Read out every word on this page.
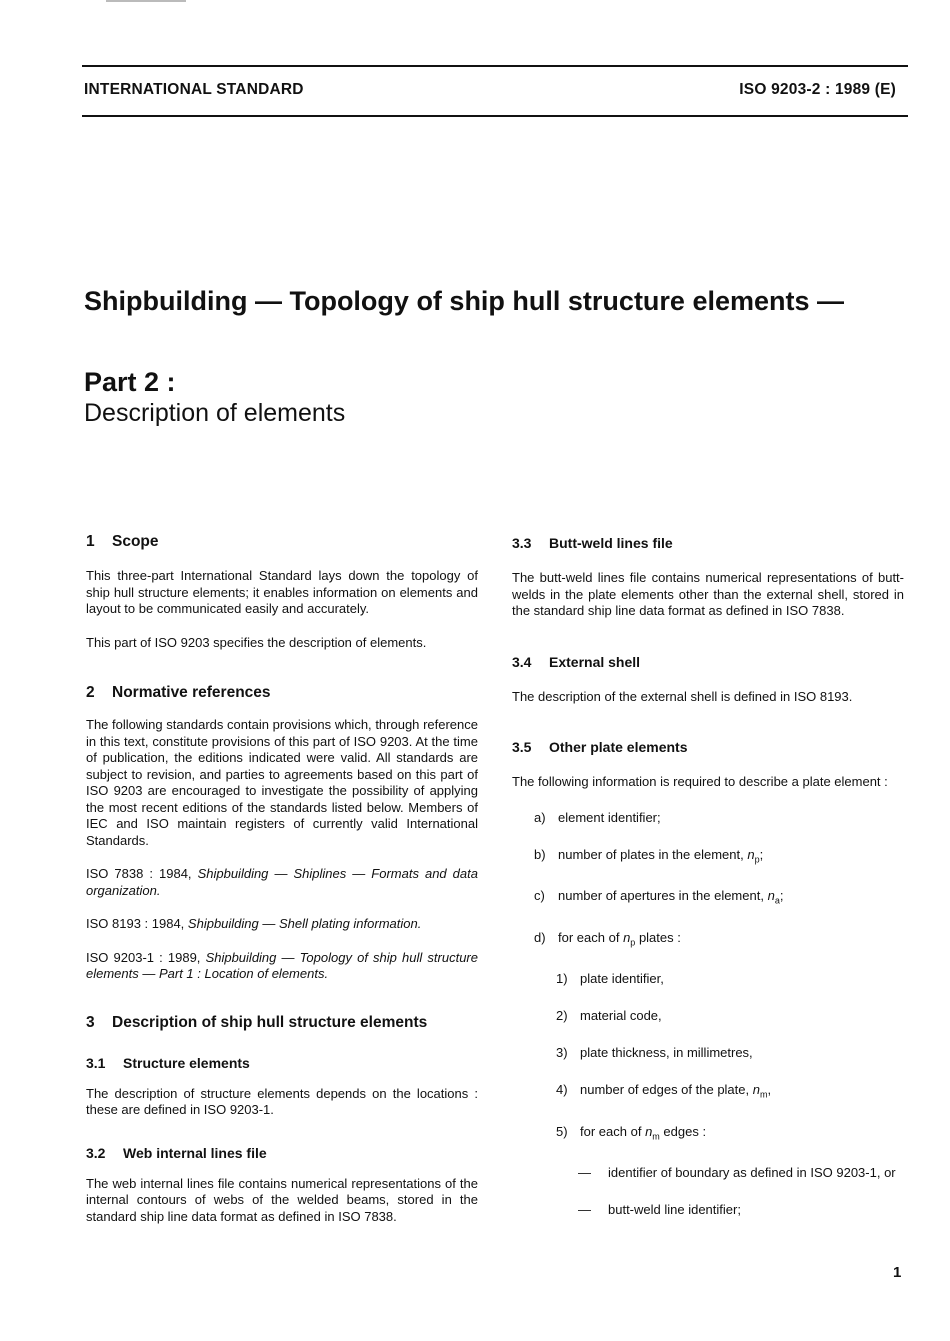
INTERNATIONAL STANDARD	ISO 9203-2 : 1989 (E)
Shipbuilding — Topology of ship hull structure elements —
Part 2 :
Description of elements
1 Scope

This three-part International Standard lays down the topology of ship hull structure elements; it enables information on elements and layout to be communicated easily and accurately.

This part of ISO 9203 specifies the description of elements.

2 Normative references

The following standards contain provisions which, through reference in this text, constitute provisions of this part of ISO 9203. At the time of publication, the editions indicated were valid. All standards are subject to revision, and parties to agreements based on this part of ISO 9203 are encouraged to investigate the possibility of applying the most recent editions of the standards listed below. Members of IEC and ISO maintain registers of currently valid International Standards.

ISO 7838 : 1984, Shipbuilding — Shiplines — Formats and data organization.

ISO 8193 : 1984, Shipbuilding — Shell plating information.

ISO 9203-1 : 1989, Shipbuilding — Topology of ship hull structure elements — Part 1 : Location of elements.

3 Description of ship hull structure elements
3.1 Structure elements

The description of structure elements depends on the locations : these are defined in ISO 9203-1.

3.2 Web internal lines file

The web internal lines file contains numerical representations of the internal contours of webs of the welded beams, stored in the standard ship line data format as defined in ISO 7838.

3.3 Butt-weld lines file

The butt-weld lines file contains numerical representations of butt-welds in the plate elements other than the external shell, stored in the standard ship line data format as defined in ISO 7838.

3.4 External shell

The description of the external shell is defined in ISO 8193.

3.5 Other plate elements

The following information is required to describe a plate element :

a) element identifier;
b) number of plates in the element, $n_p$;
c)	number of apertures in the element, $n_a$;
d) for each of $n_p$ plates :
1) plate identifier,
2) material code,
3) plate thickness, in millimetres,
4) number of edges of the plate, $n_m$,
5) for each of $n_m$ edges :
—	identifier of boundary as defined in ISO 9203-1, or
—	butt-weld line identifier;
1
